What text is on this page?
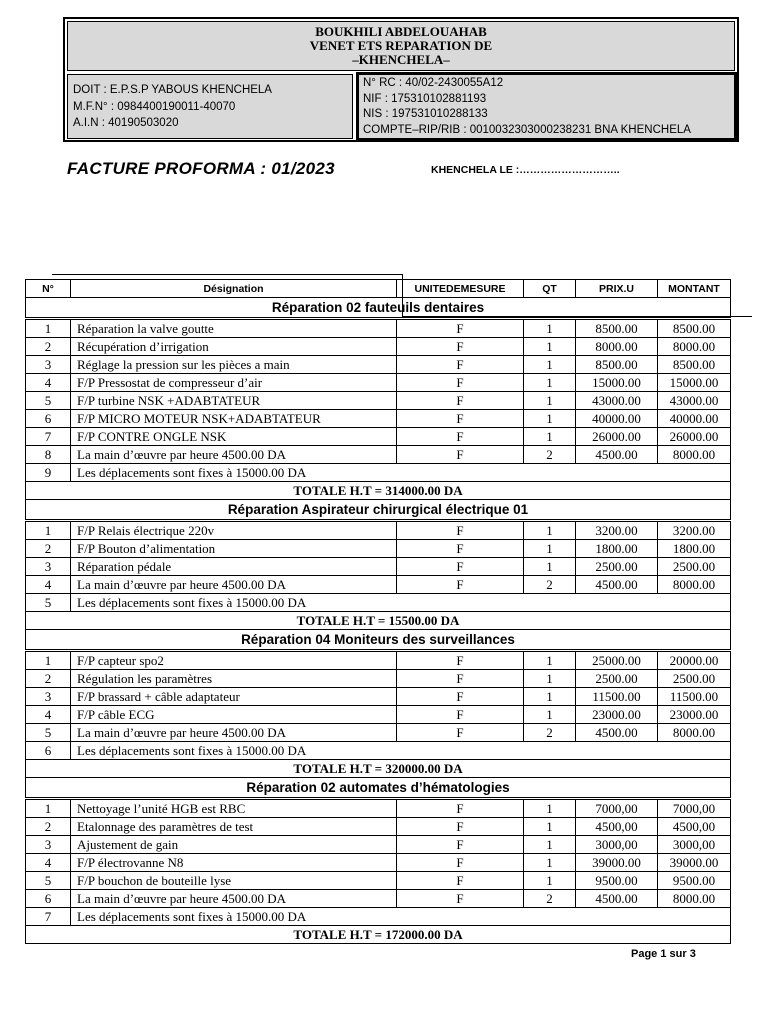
BOUKHILI ABDELOUAHAB
VENET ETS REPARATION DE
–KHENCHELA–
DOIT : E.P.S.P YABOUS KHENCHELA
M.F.N° : 0984400190011-40070
A.I.N : 40190503020
N° RC : 40/02-2430055A12
NIF : 175310102881193
NIS : 197531010288133
COMPTE–RIP/RIB : 0010032303000238231 BNA KHENCHELA
FACTURE PROFORMA : 01/2023	KHENCHELA LE :………………………..
N°	Désignation	UNITEDEMESURE	QT	PRIX.U	MONTANT
Réparation 02 fauteuils dentaires					
1	Réparation la valve goutte	F	1	8500.00	8500.00
2	Récupération d’irrigation	F	1	8000.00	8000.00
3	Réglage la pression sur les pièces a main	F	1	8500.00	8500.00
4	F/P Pressostat de compresseur d’air	F	1	15000.00	15000.00
5	F/P turbine NSK +ADABTATEUR	F	1	43000.00	43000.00
6	F/P MICRO MOTEUR NSK+ADABTATEUR	F	1	40000.00	40000.00
7	F/P CONTRE ONGLE NSK	F	1	26000.00	26000.00
8	La main d’œuvre par heure 4500.00 DA	F	2	4500.00	8000.00
9	Les déplacements sont fixes à 15000.00 DA				
TOTALE H.T = 314000.00 DA					
Réparation Aspirateur chirurgical électrique 01					
1	F/P Relais électrique 220v	F	1	3200.00	3200.00
2	F/P Bouton d’alimentation	F	1	1800.00	1800.00
3	Réparation pédale	F	1	2500.00	2500.00
4	La main d’œuvre par heure 4500.00 DA	F	2	4500.00	8000.00
5	Les déplacements sont fixes à 15000.00 DA				
TOTALE H.T = 15500.00 DA					
Réparation 04 Moniteurs des surveillances					
1	F/P capteur spo2	F	1	25000.00	20000.00
2	Régulation les paramètres	F	1	2500.00	2500.00
3	F/P brassard + câble adaptateur	F	1	11500.00	11500.00
4	F/P câble ECG	F	1	23000.00	23000.00
5	La main d’œuvre par heure 4500.00 DA	F	2	4500.00	8000.00
6	Les déplacements sont fixes à 15000.00 DA				
TOTALE H.T = 320000.00 DA					
Réparation 02 automates d’hématologies					
1	Nettoyage l’unité HGB est RBC	F	1	7000,00	7000,00
2	Etalonnage des paramètres de test	F	1	4500,00	4500,00
3	Ajustement de gain	F	1	3000,00	3000,00
4	F/P électrovanne N8	F	1	39000.00	39000.00
5	F/P bouchon de bouteille lyse	F	1	9500.00	9500.00
6	La main d’œuvre par heure 4500.00 DA	F	2	4500.00	8000.00
7	Les déplacements sont fixes à 15000.00 DA				
TOTALE H.T = 172000.00 DA					
Page 1 sur 3
